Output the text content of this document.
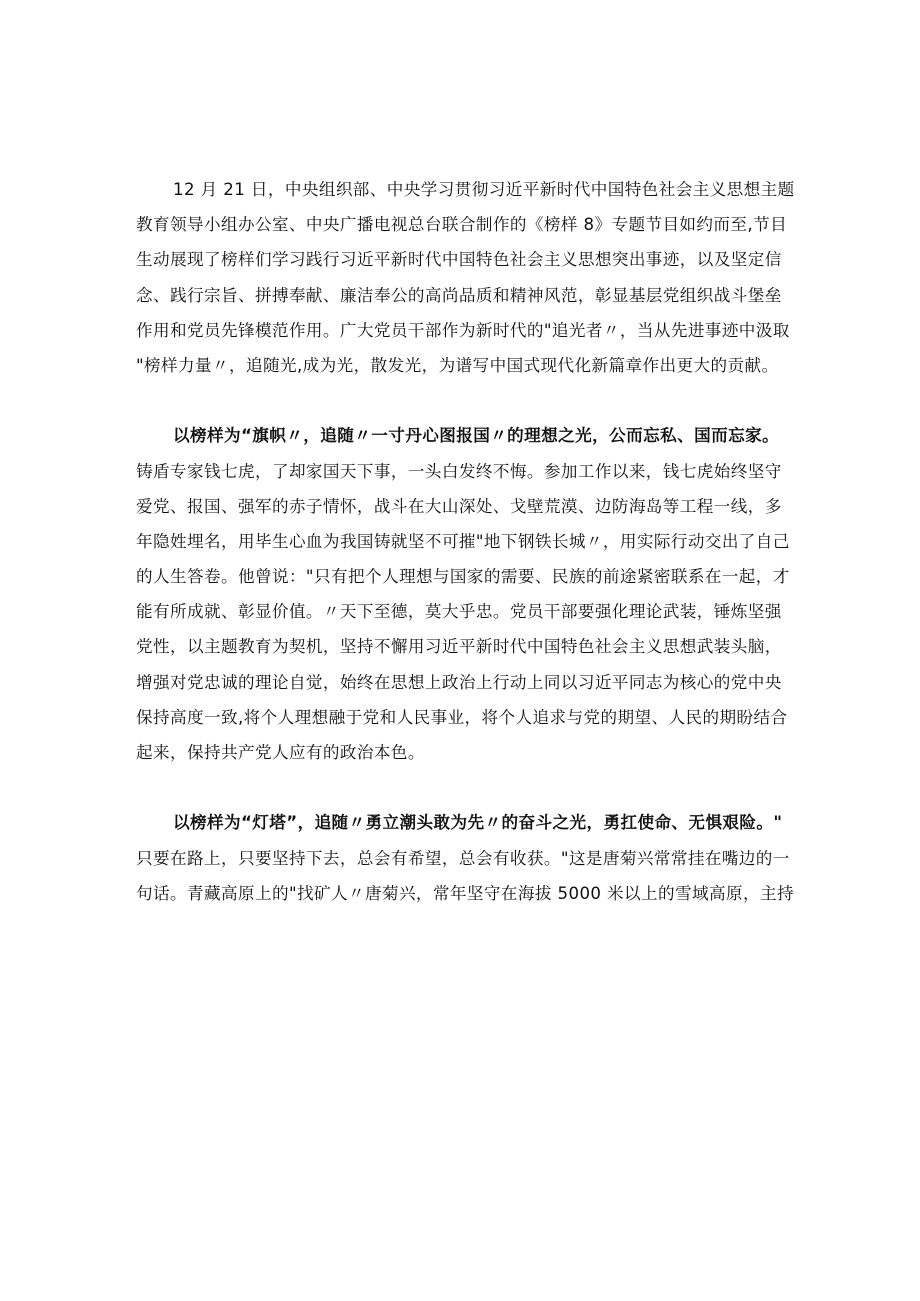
12 月 21 日，中央组织部、中央学习贯彻习近平新时代中国特色社会主义思想主题
教育领导小组办公室、中央广播电视总台联合制作的《榜样 8》专题节目如约而至,节目
生动展现了榜样们学习践行习近平新时代中国特色社会主义思想突出事迹，以及坚定信
念、践行宗旨、拼搏奉献、廉洁奉公的高尚品质和精神风范，彰显基层党组织战斗堡垒
作用和党员先锋模范作用。广大党员干部作为新时代的"追光者〃，当从先进事迹中汲取
"榜样力量〃，追随光,成为光，散发光，为谱写中国式现代化新篇章作出更大的贡献。
以榜样为“旗帜〃，追随〃一寸丹心图报国〃的理想之光，公而忘私、国而忘家。
铸盾专家钱七虎，了却家国天下事，一头白发终不悔。参加工作以来，钱七虎始终坚守
爱党、报国、强军的赤子情怀，战斗在大山深处、戈壁荒漠、边防海岛等工程一线，多
年隐姓埋名，用毕生心血为我国铸就坚不可摧"地下钢铁长城〃，用实际行动交出了自己
的人生答卷。他曾说："只有把个人理想与国家的需要、民族的前途紧密联系在一起，才
能有所成就、彰显价值。〃天下至德，莫大乎忠。党员干部要强化理论武装，锤炼坚强
党性，以主题教育为契机，坚持不懈用习近平新时代中国特色社会主义思想武装头脑，
增强对党忠诚的理论自觉，始终在思想上政治上行动上同以习近平同志为核心的党中央
保持高度一致,将个人理想融于党和人民事业，将个人追求与党的期望、人民的期盼结合
起来，保持共产党人应有的政治本色。
以榜样为“灯塔”，追随〃勇立潮头敢为先〃的奋斗之光，勇扛使命、无惧艰险。"
只要在路上，只要坚持下去，总会有希望，总会有收获。"这是唐菊兴常常挂在嘴边的一
句话。青藏高原上的"找矿人〃唐菊兴，常年坚守在海拔 5000 米以上的雪域高原，主持
